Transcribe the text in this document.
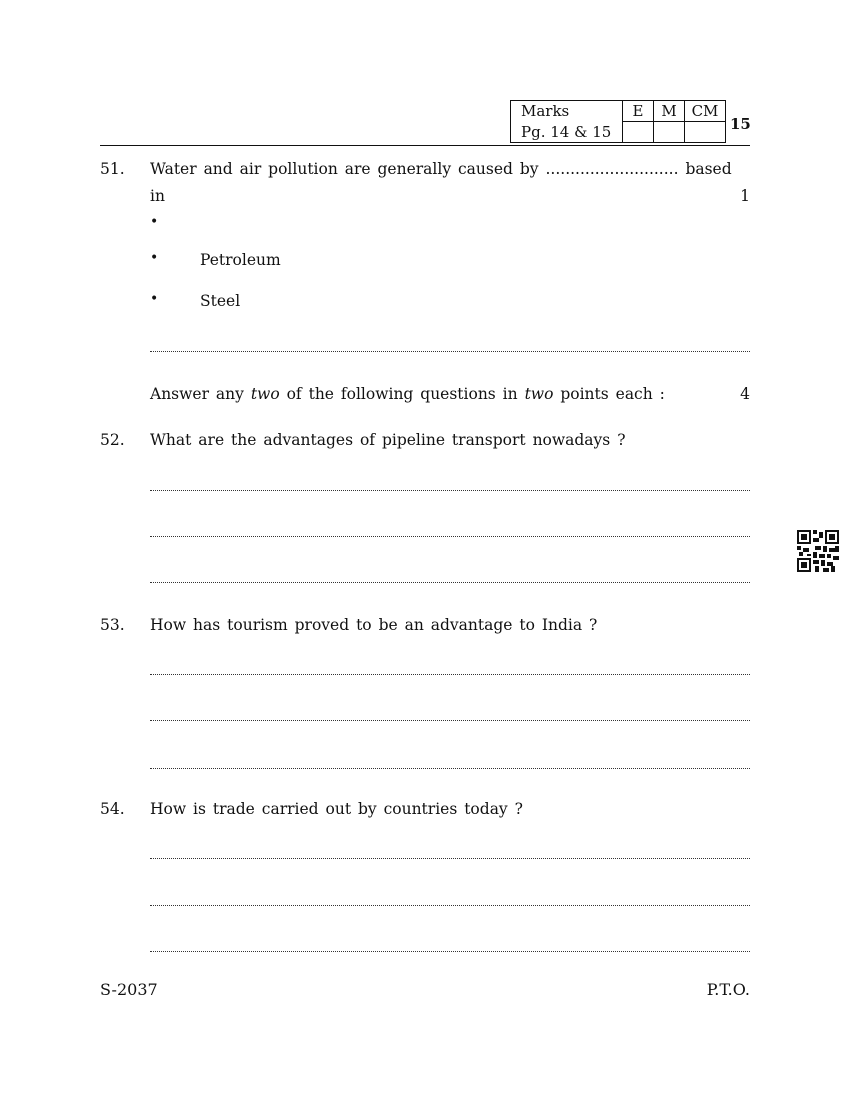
Marks	E	M	CM
Pg. 14 & 15				15
51. Water and air pollution are generally caused by ........................... based
in	1
•
•	Petroleum
•	Steel
Answer any two of the following questions in two points each :	4
52. What are the advantages of pipeline transport nowadays ?
53. How has tourism proved to be an advantage to India ?
54. How is trade carried out by countries today ?
S-2037	P.T.O.
